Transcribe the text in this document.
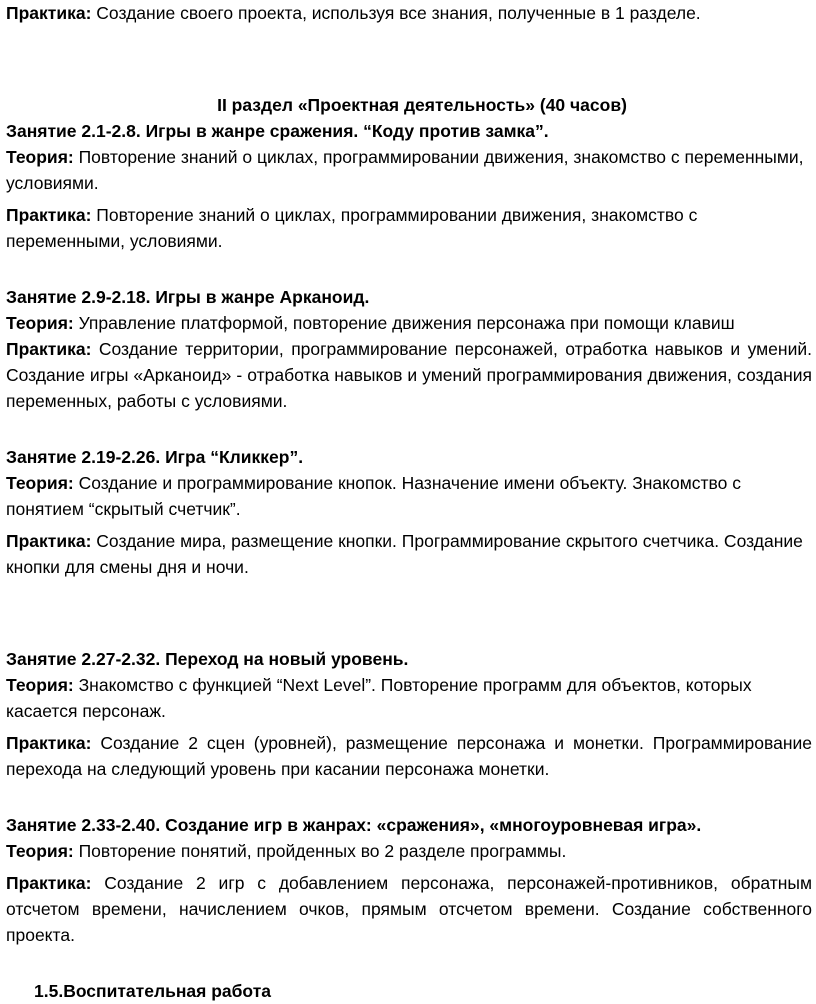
Практика: Создание своего проекта, используя все знания, полученные в 1 разделе.

II раздел «Проектная деятельность» (40 часов)

Занятие 2.1-2.8. Игры в жанре сражения. “Коду против замка”.

Теория: Повторение знаний о циклах, программировании движения, знакомство с переменными, условиями.

Практика: Повторение знаний о циклах, программировании движения, знакомство с переменными, условиями.

Занятие 2.9-2.18. Игры в жанре Арканоид.

Теория: Управление платформой, повторение движения персонажа при помощи клавиш

Практика: Создание территории, программирование персонажей, отработка навыков и умений. Создание игры «Арканоид» - отработка навыков и умений программирования движения, создания переменных, работы с условиями.

Занятие 2.19-2.26. Игра “Кликкер”.

Теория: Создание и программирование кнопок. Назначение имени объекту. Знакомство с понятием “скрытый счетчик”.

Практика: Создание мира, размещение кнопки. Программирование скрытого счетчика. Создание кнопки для смены дня и ночи.

Занятие 2.27-2.32. Переход на новый уровень.

Теория: Знакомство с функцией “Next Level”. Повторение программ для объектов, которых касается персонаж.

Практика: Создание 2 сцен (уровней), размещение персонажа и монетки. Программирование перехода на следующий уровень при касании персонажа монетки.

Занятие 2.33-2.40. Создание игр в жанрах: «сражения», «многоуровневая игра».

Теория: Повторение понятий, пройденных во 2 разделе программы.

Практика: Создание 2 игр с добавлением персонажа, персонажей-противников, обратным отсчетом времени, начислением очков, прямым отсчетом времени. Создание собственного проекта.

1.5.Воспитательная работа
